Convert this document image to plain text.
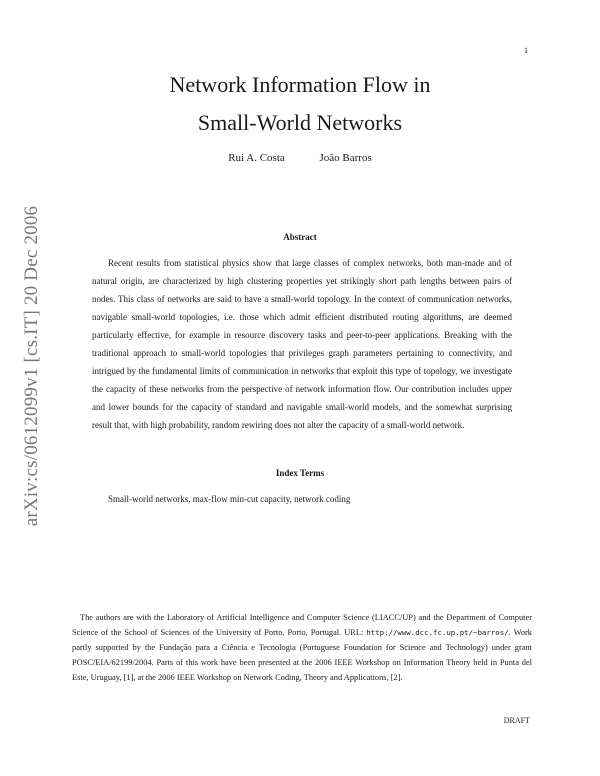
1
arXiv:cs/0612099v1 [cs.IT] 20 Dec 2006
Network Information Flow in
Small-World Networks
Rui A. Costa	João Barros
Abstract

Recent results from statistical physics show that large classes of complex networks, both man-made and of natural origin, are characterized by high clustering properties yet strikingly short path lengths between pairs of nodes. This class of networks are said to have a small-world topology. In the context of communication networks, navigable small-world topologies, i.e. those which admit efficient distributed routing algorithms, are deemed particularly effective, for example in resource discovery tasks and peer-to-peer applications. Breaking with the traditional approach to small-world topologies that privileges graph parameters pertaining to connectivity, and intrigued by the fundamental limits of communication in networks that exploit this type of topology, we investigate the capacity of these networks from the perspective of network information flow. Our contribution includes upper and lower bounds for the capacity of standard and navigable small-world models, and the somewhat surprising result that, with high probability, random rewiring does not alter the capacity of a small-world network.

Index Terms

Small-world networks, max-flow min-cut capacity, network coding

The authors are with the Laboratory of Artificial Intelligence and Computer Science (LIACC/UP) and the Department of Computer Science of the School of Sciences of the University of Porto, Porto, Portugal. URL: http://www.dcc.fc.up.pt/∼barros/. Work partly supported by the Fundação para a Ciência e Tecnologia (Portuguese Foundation for Science and Technology) under grant POSC/EIA/62199/2004. Parts of this work have been presented at the 2006 IEEE Workshop on Information Theory held in Punta del Este, Uruguay, [1], at the 2006 IEEE Workshop on Network Coding, Theory and Applications, [2].

DRAFT
